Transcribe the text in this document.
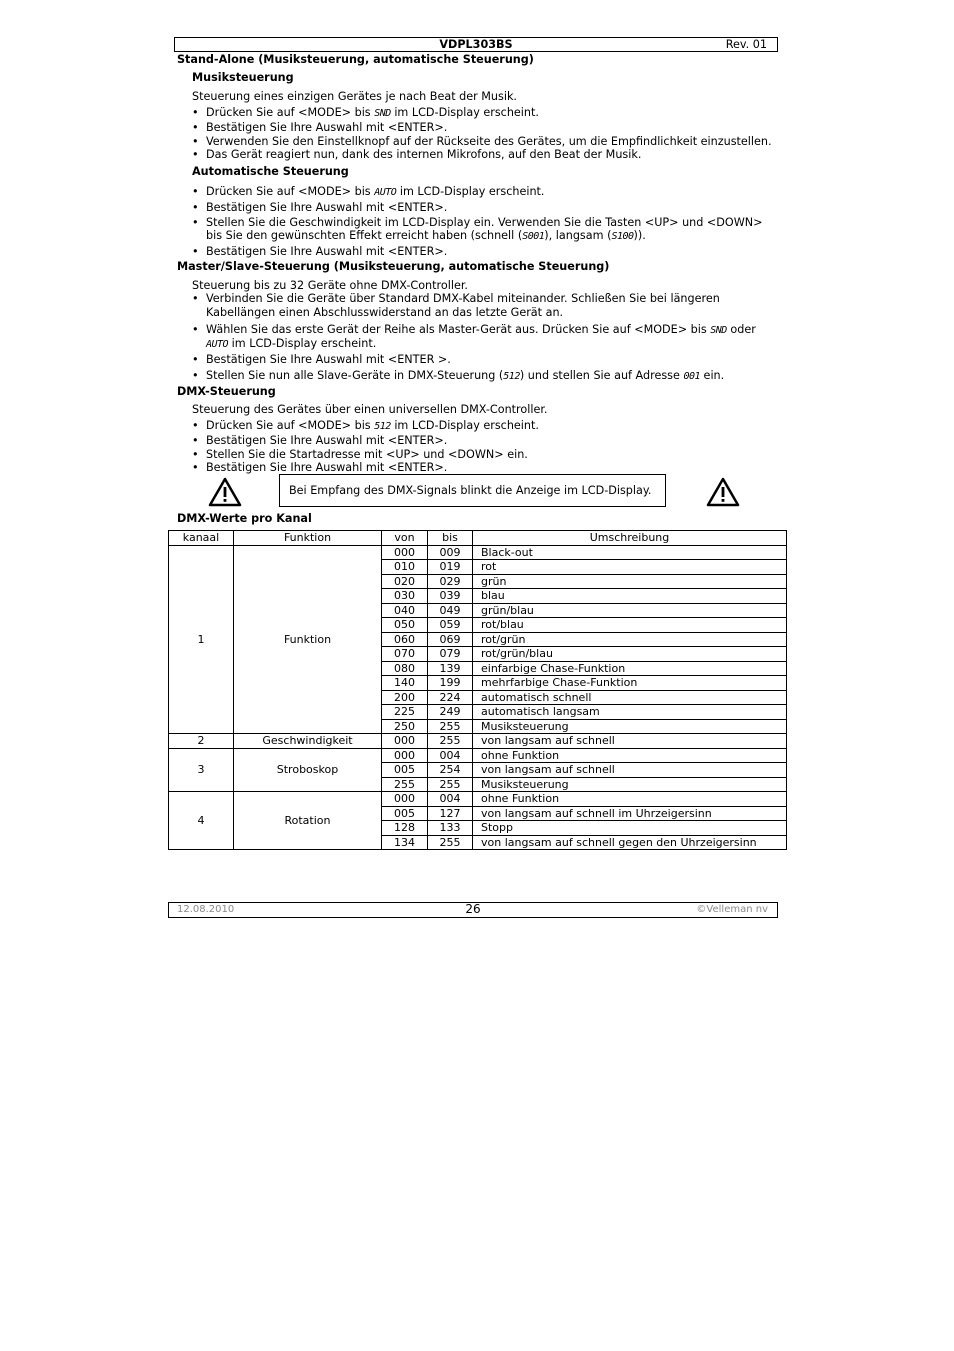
VDPL303BS	Rev. 01
Stand-Alone (Musiksteuerung, automatische Steuerung)
Musiksteuerung

Steuerung eines einzigen Gerätes je nach Beat der Musik.

• Drücken Sie auf <MODE> bis SND im LCD-Display erscheint.
• Bestätigen Sie Ihre Auswahl mit <ENTER>.
• Verwenden Sie den Einstellknopf auf der Rückseite des Gerätes, um die Empfindlichkeit einzustellen.
• Das Gerät reagiert nun, dank des internen Mikrofons, auf den Beat der Musik.
Automatische Steuerung
• Drücken Sie auf <MODE> bis AUTO im LCD-Display erscheint.
• Bestätigen Sie Ihre Auswahl mit <ENTER>.
• Stellen Sie die Geschwindigkeit im LCD-Display ein. Verwenden Sie die Tasten <UP> und <DOWN>
bis Sie den gewünschten Effekt erreicht haben (schnell (S001), langsam (S100)).
• Bestätigen Sie Ihre Auswahl mit <ENTER>.
Master/Slave-Steuerung (Musiksteuerung, automatische Steuerung)

Steuerung bis zu 32 Geräte ohne DMX-Controller.

• Verbinden Sie die Geräte über Standard DMX-Kabel miteinander. Schließen Sie bei längeren
Kabellängen einen Abschlusswiderstand an das letzte Gerät an.
• Wählen Sie das erste Gerät der Reihe als Master-Gerät aus. Drücken Sie auf <MODE> bis SND oder
AUTO im LCD-Display erscheint.
• Bestätigen Sie Ihre Auswahl mit <ENTER >.
• Stellen Sie nun alle Slave-Geräte in DMX-Steuerung (512) und stellen Sie auf Adresse 001 ein.
DMX-Steuerung

Steuerung des Gerätes über einen universellen DMX-Controller.

• Drücken Sie auf <MODE> bis 512 im LCD-Display erscheint.
• Bestätigen Sie Ihre Auswahl mit <ENTER>.
• Stellen Sie die Startadresse mit <UP> und <DOWN> ein.
• Bestätigen Sie Ihre Auswahl mit <ENTER>.
Bei Empfang des DMX-Signals blinkt die Anzeige im LCD-Display.
DMX-Werte pro Kanal
kanaal	Funktion	von	bis	Umschreibung
1	Funktion	000	009	Black-out
		010	019	rot
		020	029	grün
		030	039	blau
		040	049	grün/blau
		050	059	rot/blau
		060	069	rot/grün
		070	079	rot/grün/blau
		080	139	einfarbige Chase-Funktion
		140	199	mehrfarbige Chase-Funktion
		200	224	automatisch schnell
		225	249	automatisch langsam
		250	255	Musiksteuerung
2	Geschwindigkeit	000	255	von langsam auf schnell
3	Stroboskop	000	004	ohne Funktion
		005	254	von langsam auf schnell
		255	255	Musiksteuerung
4	Rotation	000	004	ohne Funktion
		005	127	von langsam auf schnell im Uhrzeigersinn
		128	133	Stopp
		134	255	von langsam auf schnell gegen den Uhrzeigersinn
12.08.2010	26	©Velleman nv
